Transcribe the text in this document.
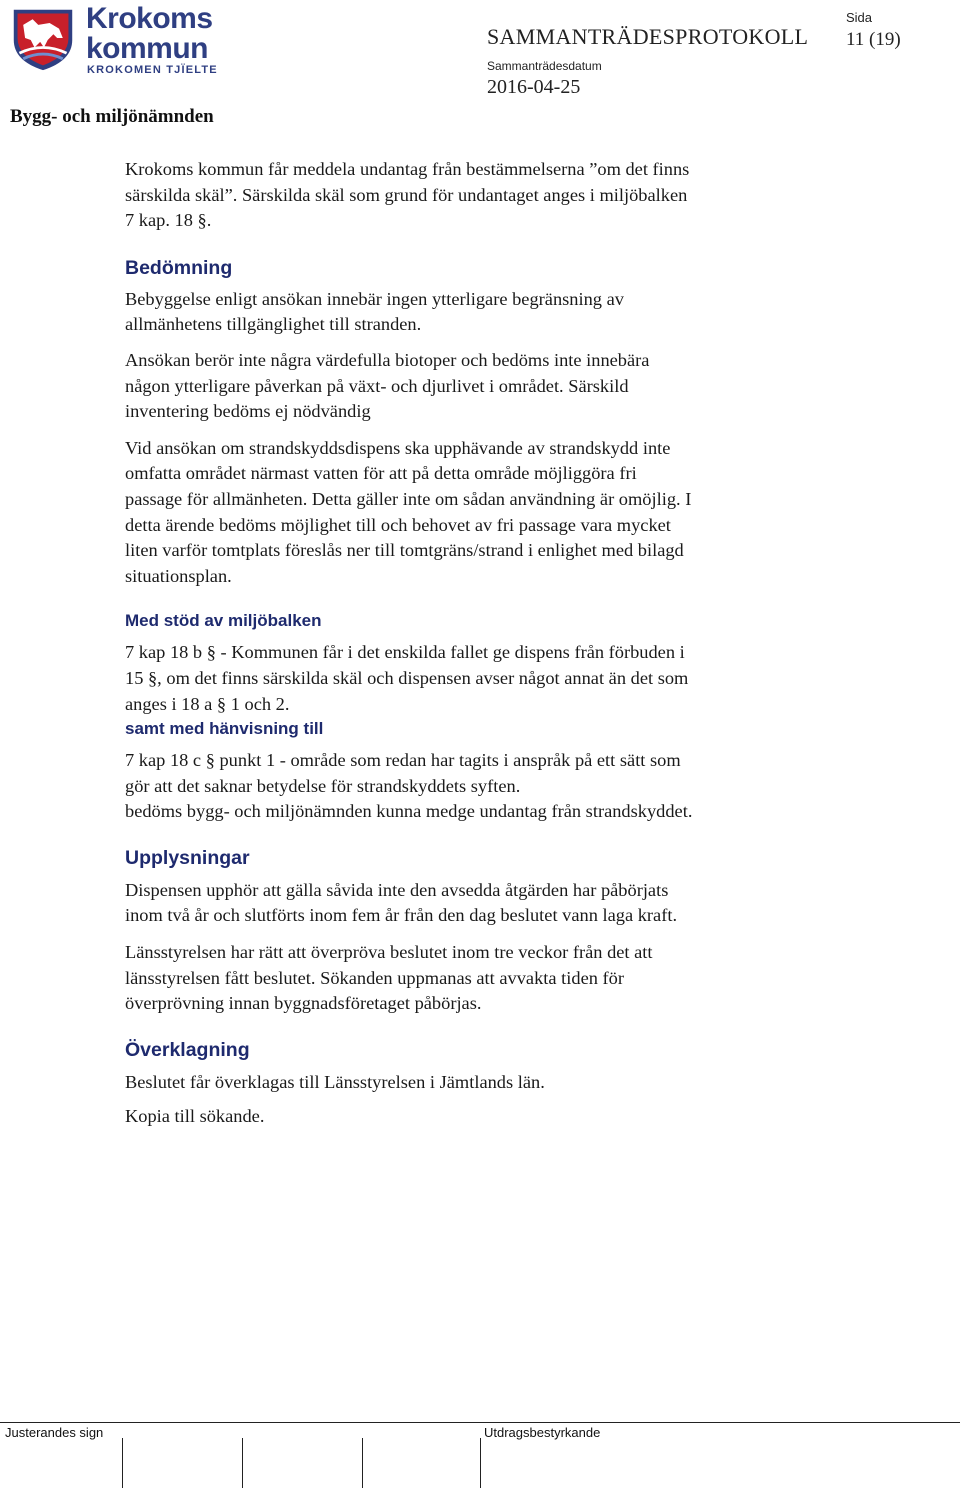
Krokoms
kommun
KROKOMEN TJÏELTE
SAMMANTRÄDESPROTOKOLL
Sida
11 (19)
Sammanträdesdatum
2016-04-25
Bygg- och miljönämnden

Krokoms kommun får meddela undantag från bestämmelserna ”om det finns
särskilda skäl”. Särskilda skäl som grund för undantaget anges i miljöbalken
7 kap. 18 §.

Bedömning

Bebyggelse enligt ansökan innebär ingen ytterligare begränsning av
allmänhetens tillgänglighet till stranden.

Ansökan berör inte några värdefulla biotoper och bedöms inte innebära
någon ytterligare påverkan på växt- och djurlivet i området. Särskild
inventering bedöms ej nödvändig

Vid ansökan om strandskyddsdispens ska upphävande av strandskydd inte
omfatta området närmast vatten för att på detta område möjliggöra fri
passage för allmänheten. Detta gäller inte om sådan användning är omöjlig. I
detta ärende bedöms möjlighet till och behovet av fri passage vara mycket
liten varför tomtplats föreslås ner till tomtgräns/strand i enlighet med bilagd
situationsplan.

Med stöd av miljöbalken

7 kap 18 b § - Kommunen får i det enskilda fallet ge dispens från förbuden i
15 §, om det finns särskilda skäl och dispensen avser något annat än det som
anges i 18 a § 1 och 2.

samt med hänvisning till

7 kap 18 c § punkt 1 - område som redan har tagits i anspråk på ett sätt som
gör att det saknar betydelse för strandskyddets syften.
bedöms bygg- och miljönämnden kunna medge undantag från strandskyddet.

Upplysningar

Dispensen upphör att gälla såvida inte den avsedda åtgärden har påbörjats
inom två år och slutförts inom fem år från den dag beslutet vann laga kraft.

Länsstyrelsen har rätt att överpröva beslutet inom tre veckor från det att
länsstyrelsen fått beslutet. Sökanden uppmanas att avvakta tiden för
överprövning innan byggnadsföretaget påbörjas.

Överklagning

Beslutet får överklagas till Länsstyrelsen i Jämtlands län.

Kopia till sökande.

Justerandes sign	Utdragsbestyrkande
